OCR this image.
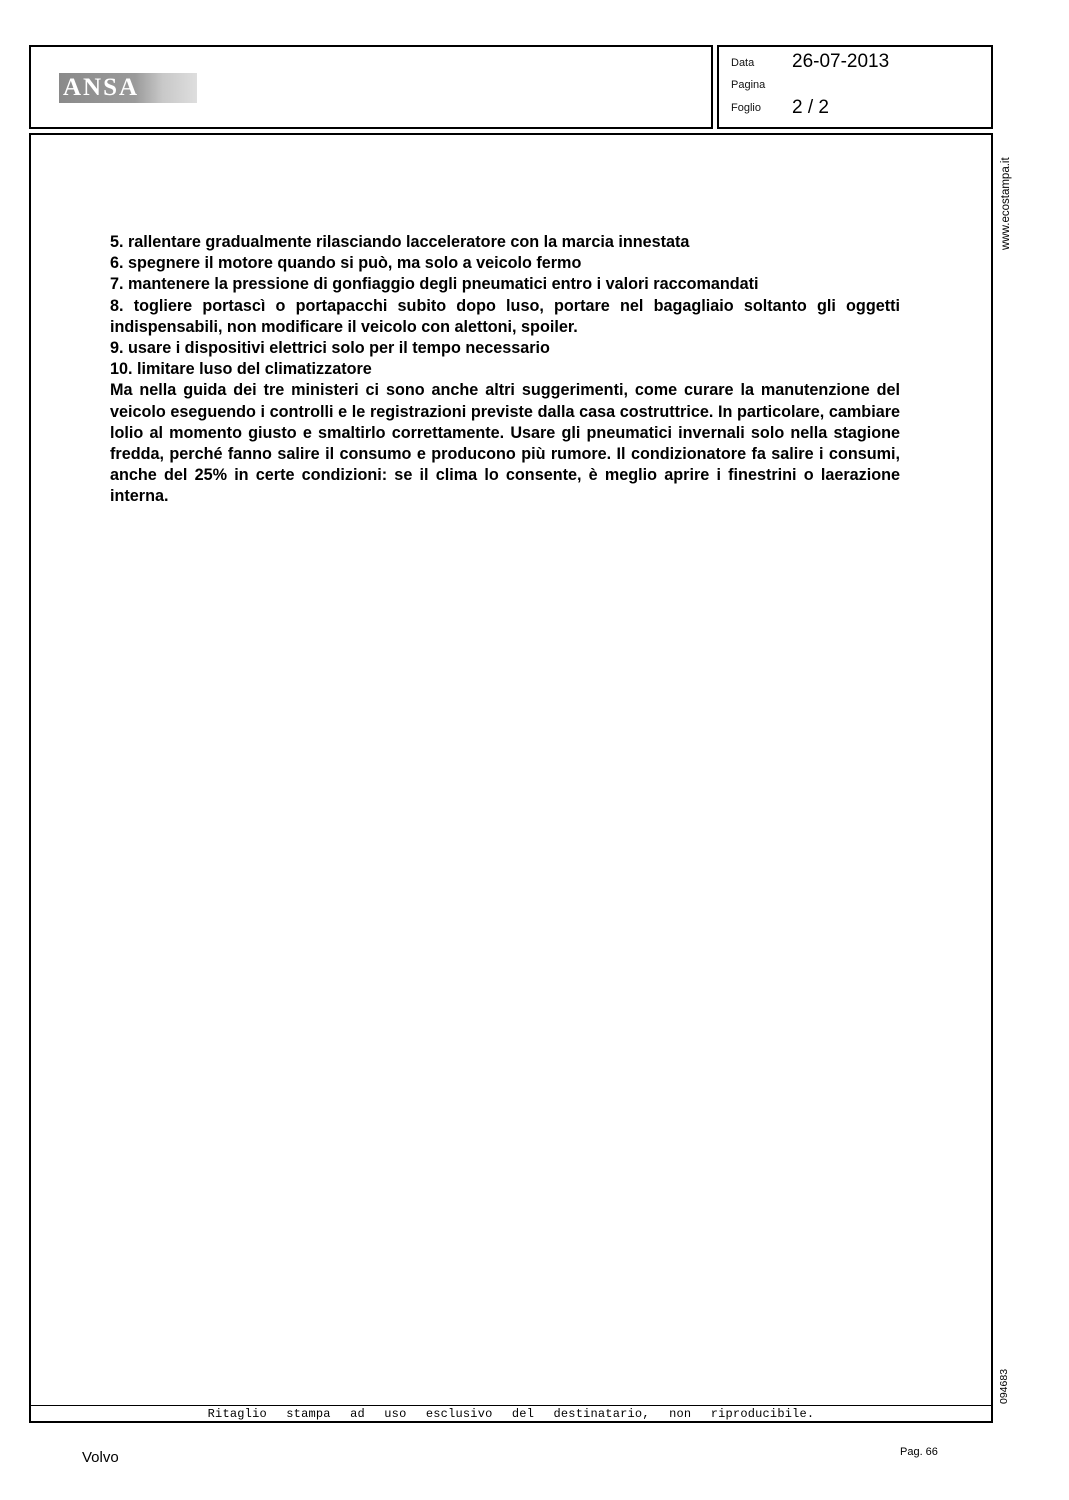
ANSA
Data 26-07-2013
Pagina
Foglio 2 / 2
Ritaglio stampa ad uso esclusivo del destinatario, non riproducibile.

5. rallentare gradualmente rilasciando lacceleratore con la marcia innestata

6. spegnere il motore quando si può, ma solo a veicolo fermo

7. mantenere la pressione di gonfiaggio degli pneumatici entro i valori raccomandati

8. togliere portascì o portapacchi subito dopo luso, portare nel bagagliaio soltanto gli oggetti indispensabili, non modificare il veicolo con alettoni, spoiler.

9. usare i dispositivi elettrici solo per il tempo necessario

10. limitare luso del climatizzatore

Ma nella guida dei tre ministeri ci sono anche altri suggerimenti, come curare la manutenzione del veicolo eseguendo i controlli e le registrazioni previste dalla casa costruttrice. In particolare, cambiare lolio al momento giusto e smaltirlo correttamente. Usare gli pneumatici invernali solo nella stagione fredda, perché fanno salire il consumo e producono più rumore. Il condizionatore fa salire i consumi, anche del 25% in certe condizioni: se il clima lo consente, è meglio aprire i finestrini o laerazione interna.

www.ecostampa.it
094683
Volvo	Pag. 66
